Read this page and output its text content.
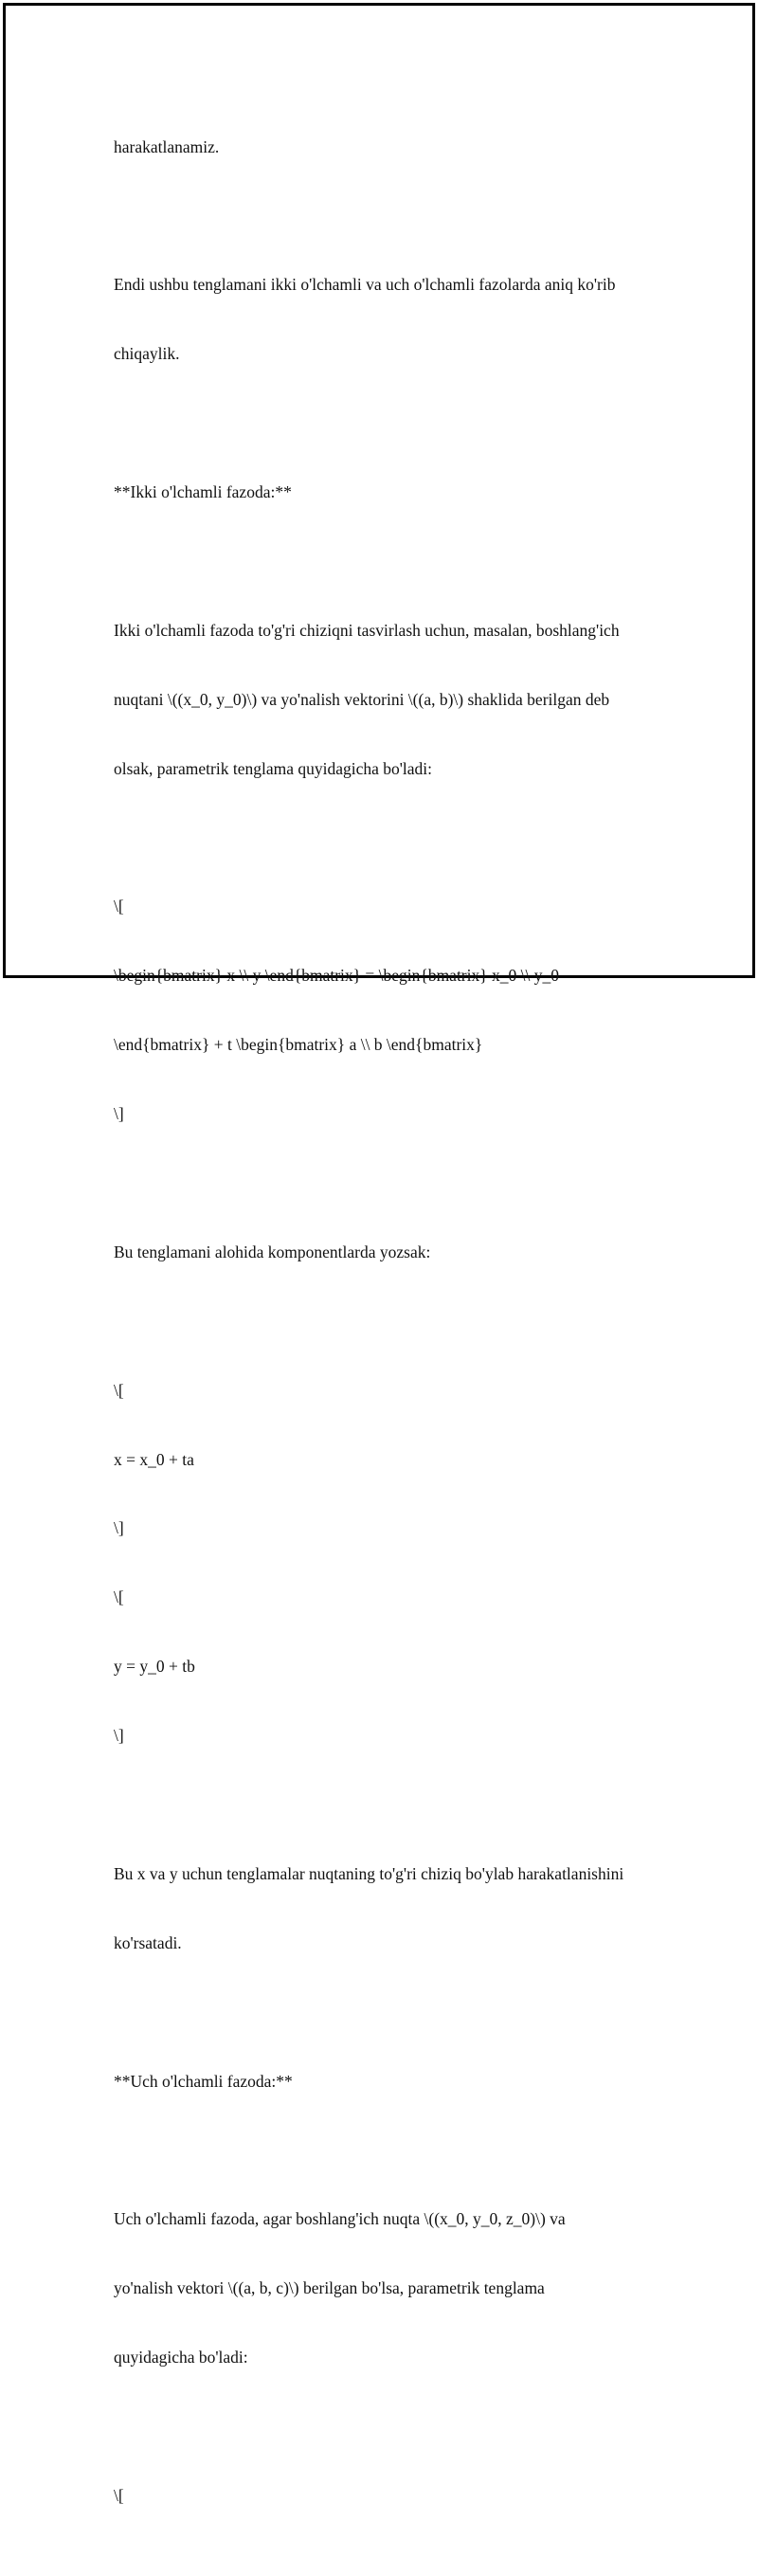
harakatlanamiz.

Endi ushbu tenglamani ikki o'lchamli va uch o'lchamli fazolarda aniq ko'rib

chiqaylik.

**Ikki o'lchamli fazoda:**

Ikki o'lchamli fazoda to'g'ri chiziqni tasvirlash uchun, masalan, boshlang'ich

nuqtani \((x_0, y_0)\) va yo'nalish vektorini \((a, b)\) shaklida berilgan deb

olsak, parametrik tenglama quyidagicha bo'ladi:

\[

\begin{bmatrix} x \\ y \end{bmatrix} = \begin{bmatrix} x_0 \\ y_0

\end{bmatrix} + t \begin{bmatrix} a \\ b \end{bmatrix}

\]

Bu tenglamani alohida komponentlarda yozsak:

\[

x = x_0 + ta

\]

\[

y = y_0 + tb

\]

Bu x va y uchun tenglamalar nuqtaning to'g'ri chiziq bo'ylab harakatlanishini

ko'rsatadi.

**Uch o'lchamli fazoda:**

Uch o'lchamli fazoda, agar boshlang'ich nuqta \((x_0, y_0, z_0)\) va

yo'nalish vektori \((a, b, c)\) berilgan bo'lsa, parametrik tenglama

quyidagicha bo'ladi:

\[
